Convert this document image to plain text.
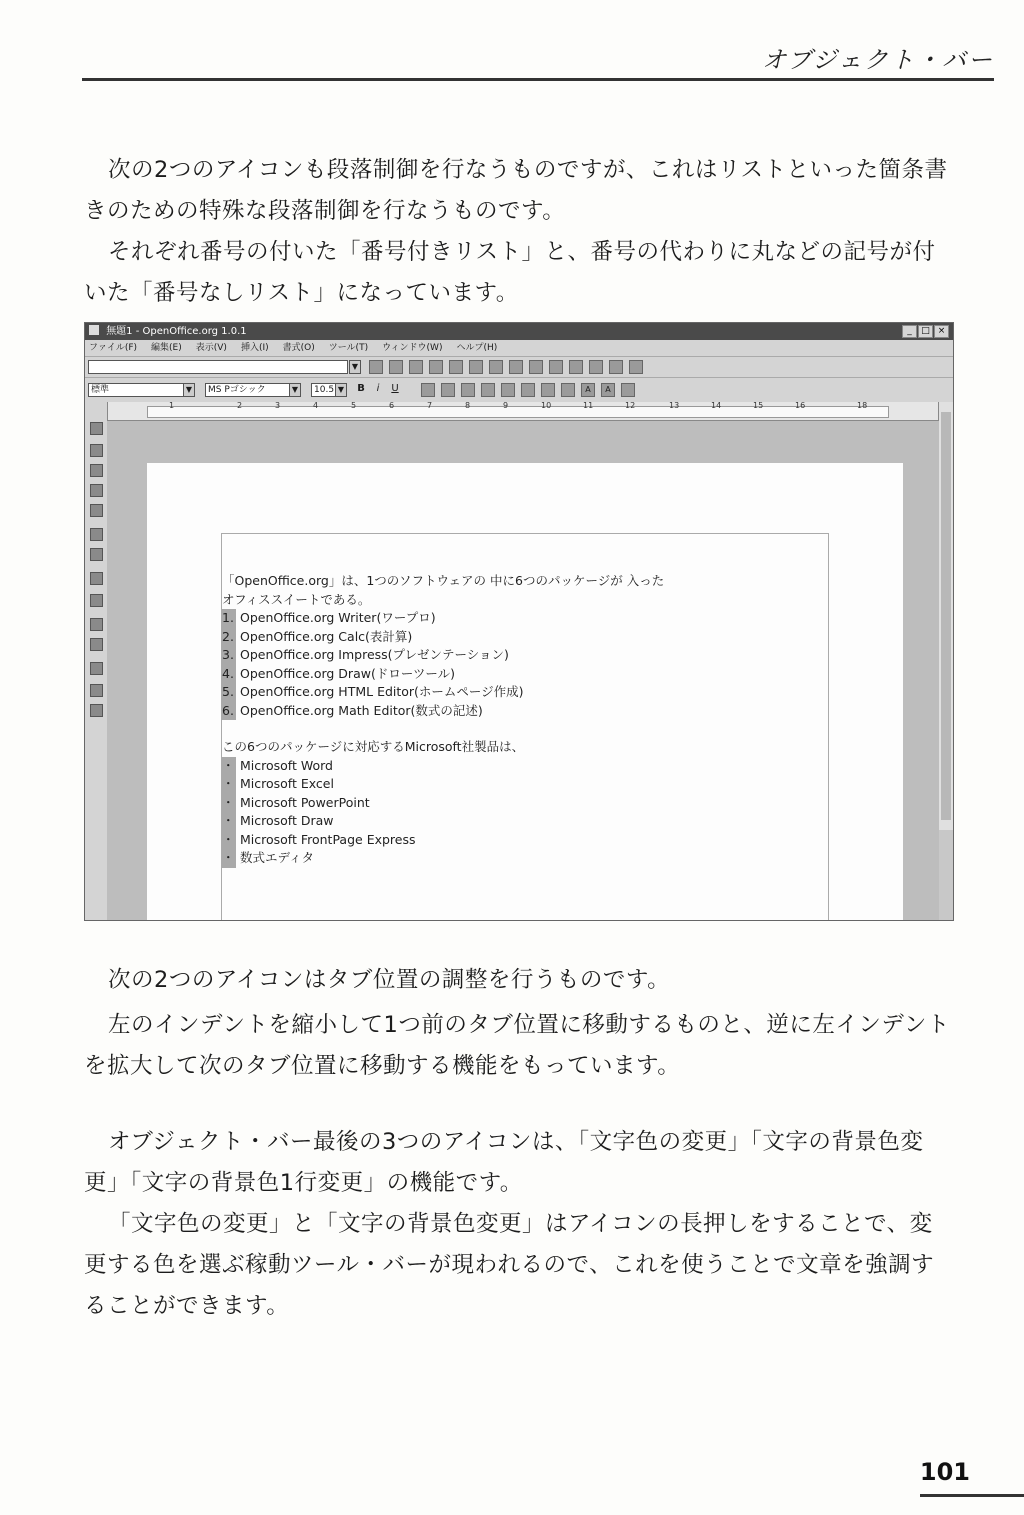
オブジェクト・バー

次の2つのアイコンも段落制御を行なうものですが、これはリストといった箇条書きのための特殊な段落制御を行なうものです。

それぞれ番号の付いた「番号付きリスト」と、番号の代わりに丸などの記号が付いた「番号なしリスト」になっています。

無題1 - OpenOffice.org 1.0.1	_	□ ×
ファイル(F) 編集(E) 表示(V) 挿入(I) 書式(O) ツール(T) ウィンドウ(W) ヘルプ(H)
▼
標準	▼	MS Pゴシック	▼	10.5 ▼ B	i	U	A	A
1	2	3	4	5	6	7	8	9	10	11	12	13	14	15	16	18
「OpenOffice.org」は、1つのソフトウェアの 中に6つのパッケージが 入った
オフィススイートである。
1. OpenOffice.org Writer(ワープロ)
2. OpenOffice.org Calc(表計算)
3. OpenOffice.org Impress(プレゼンテーション)
4. OpenOffice.org Draw(ドローツール)
5. OpenOffice.org HTML Editor(ホームページ作成)
6. OpenOffice.org Math Editor(数式の記述)
この6つのパッケージに対応するMicrosoft社製品は、
・ Microsoft Word
・ Microsoft Excel
・ Microsoft PowerPoint
・ Microsoft Draw
・ Microsoft FrontPage Express
・ 数式エディタ

次の2つのアイコンはタブ位置の調整を行うものです。

左のインデントを縮小して1つ前のタブ位置に移動するものと、逆に左インデントを拡大して次のタブ位置に移動する機能をもっています。

オブジェクト・バー最後の3つのアイコンは、「文字色の変更」「文字の背景色変更」「文字の背景色1行変更」の機能です。

「文字色の変更」と「文字の背景色変更」はアイコンの長押しをすることで、変更する色を選ぶ稼動ツール・バーが現われるので、これを使うことで文章を強調することができます。

101
